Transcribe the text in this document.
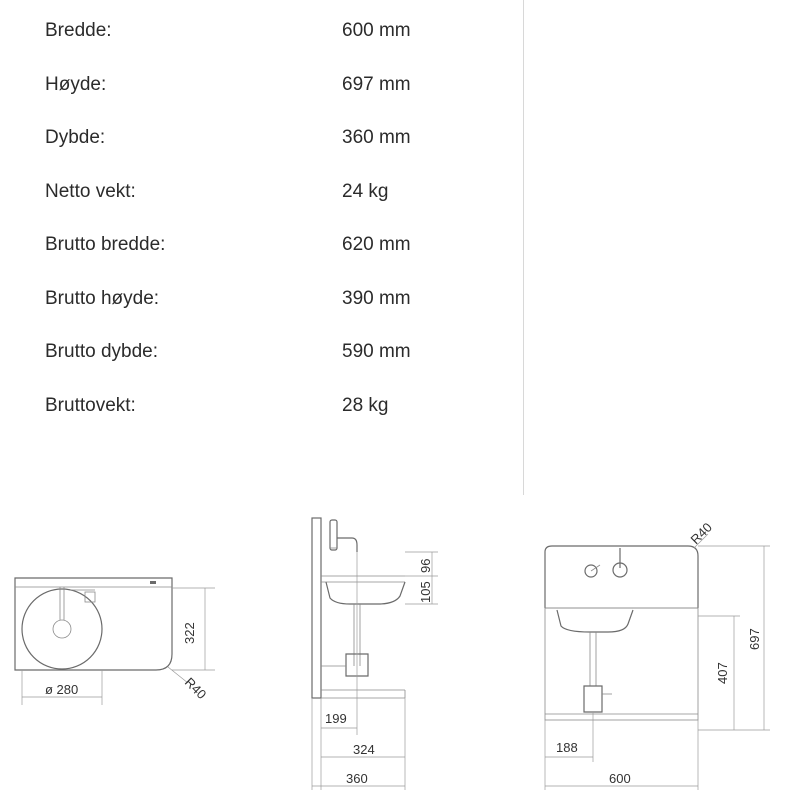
Bredde:	600 mm
Høyde:	697 mm
Dybde:	360 mm
Netto vekt:	24 kg
Brutto bredde:	620 mm
Brutto høyde:	390 mm
Brutto dybde:	590 mm
Bruttovekt:	28 kg
322
ø 280	R40
96
105
199
324
360
R40
407
697
188
600
